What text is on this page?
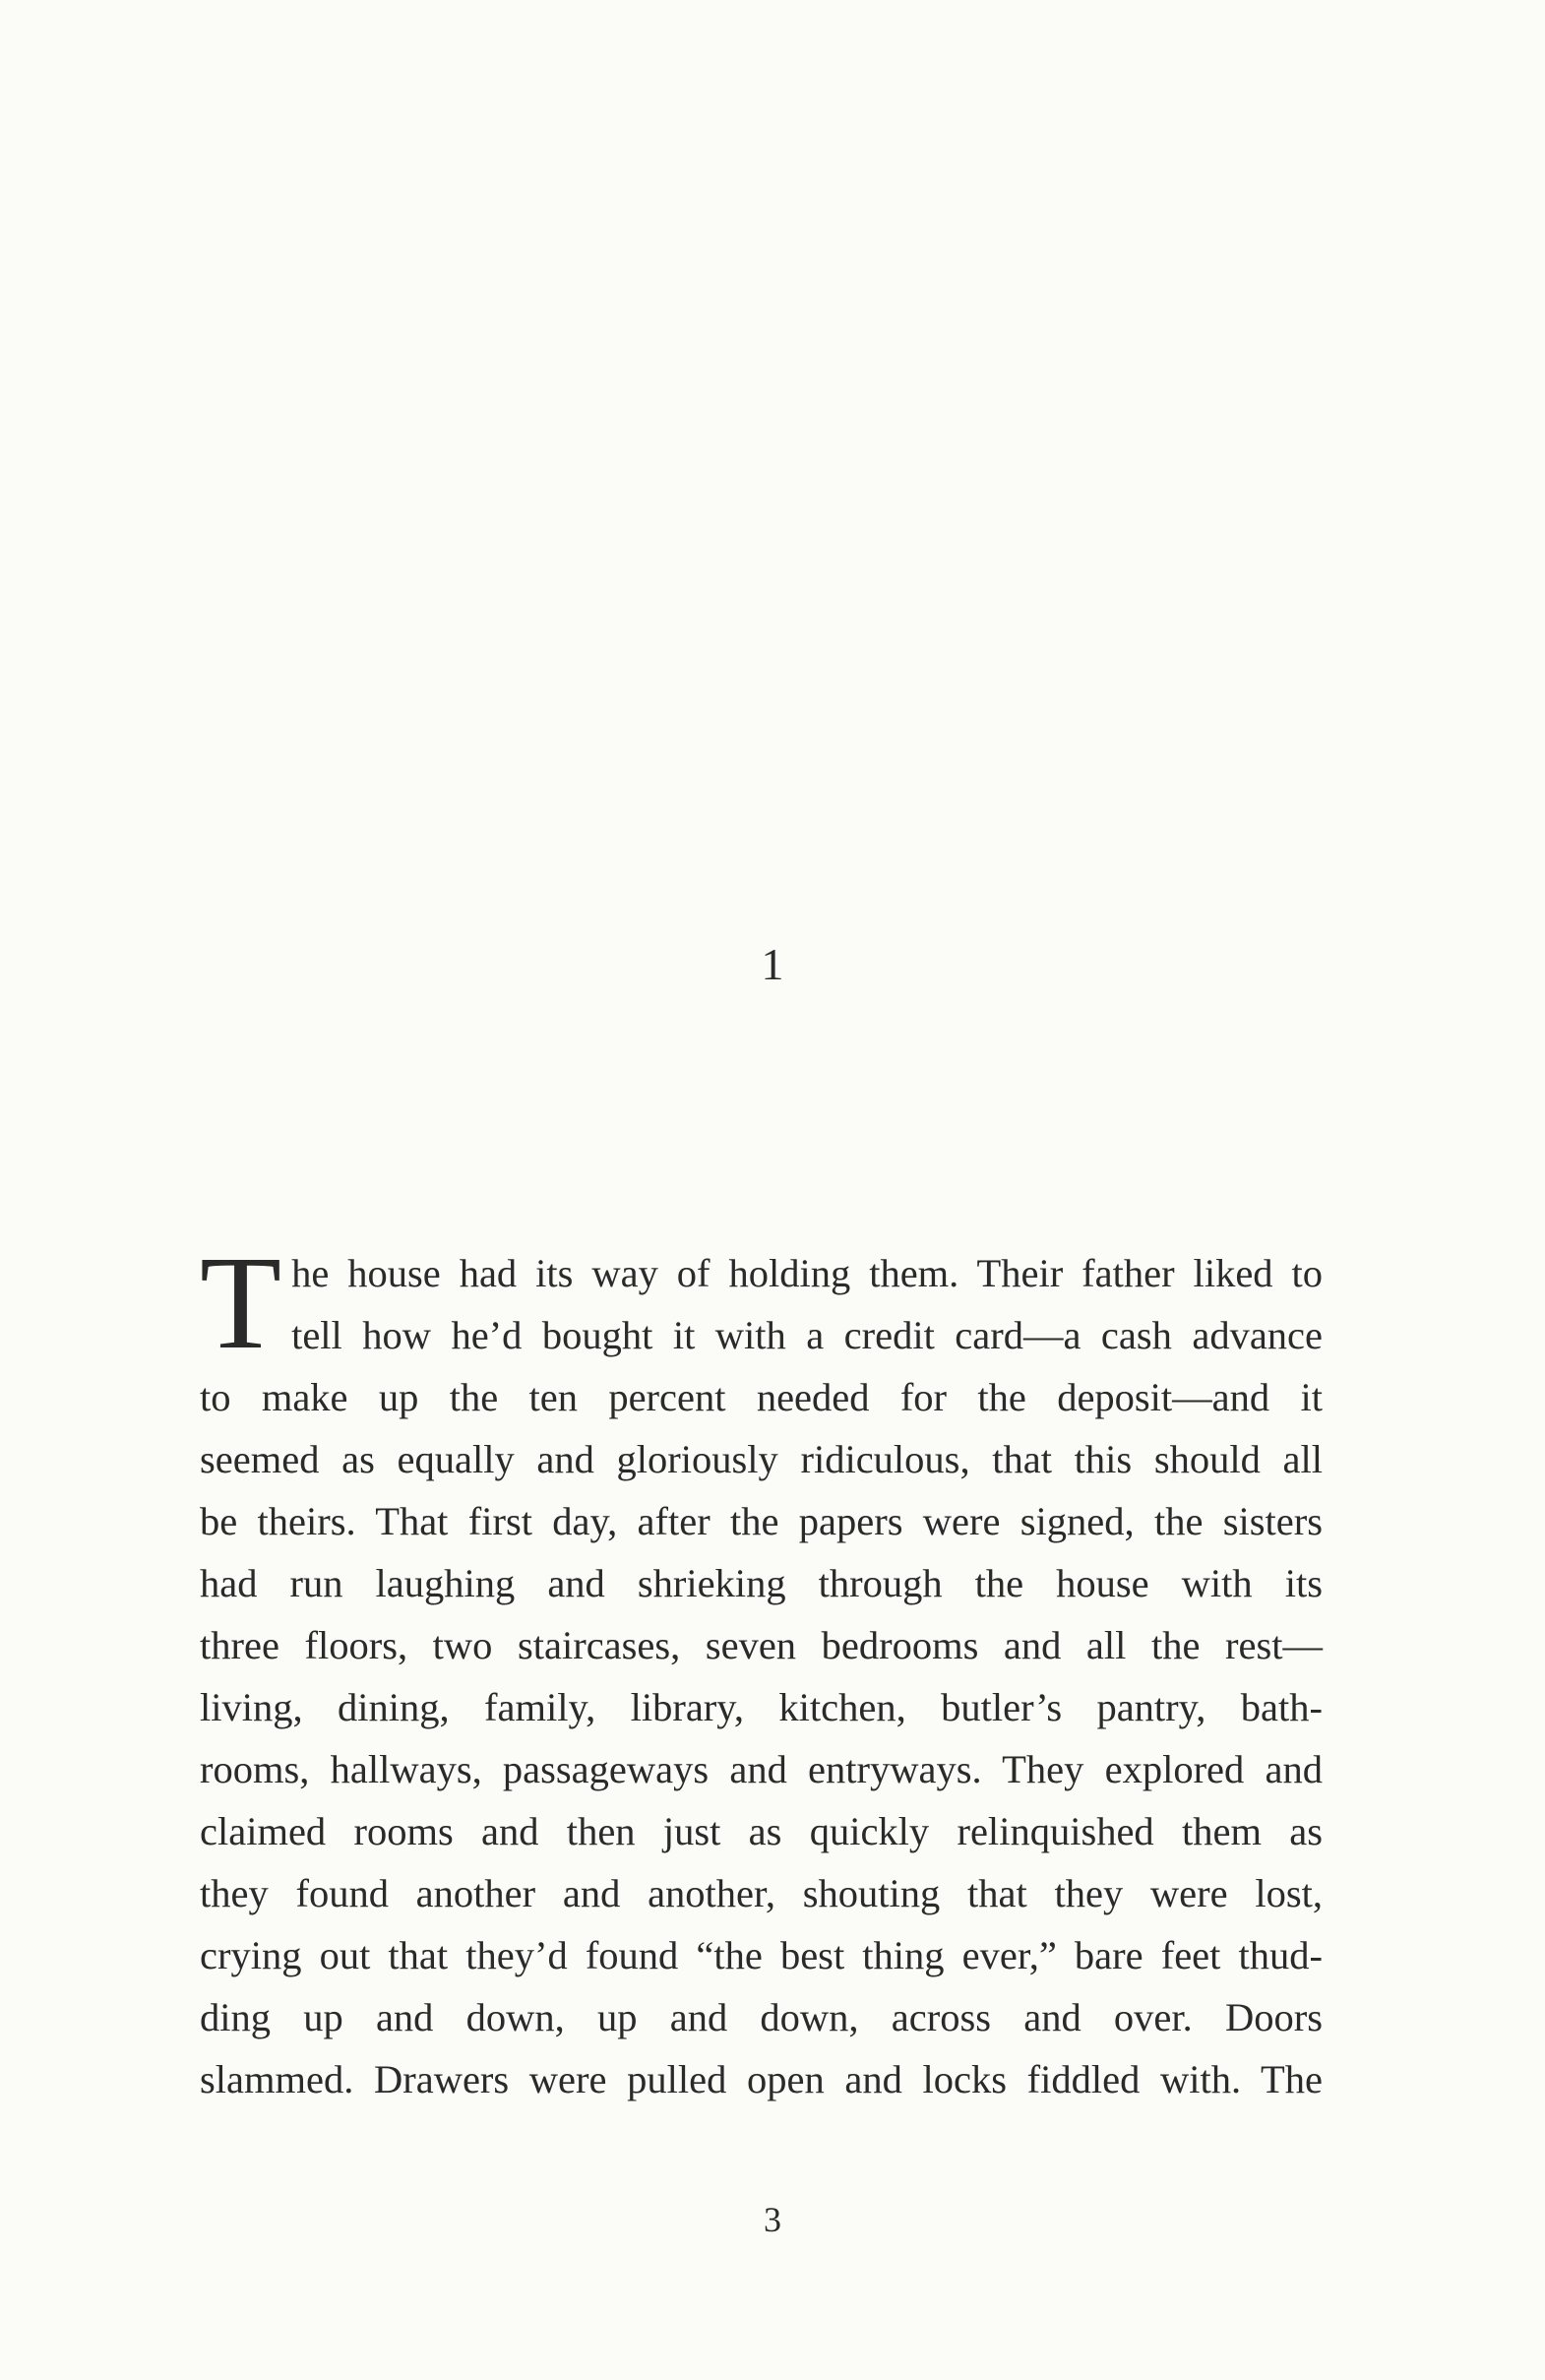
1
T he house had its way of holding them. Their father liked to
tell how he’d bought it with a credit card—a cash advance
to make up the ten percent needed for the deposit—and it
seemed as equally and gloriously ridiculous, that this should all
be theirs. That first day, after the papers were signed, the sisters
had run laughing and shrieking through the house with its
three floors, two staircases, seven bedrooms and all the rest—
living, dining, family, library, kitchen, butler’s pantry, bath-
rooms, hallways, passageways and entryways. They explored and
claimed rooms and then just as quickly relinquished them as
they found another and another, shouting that they were lost,
crying out that they’d found “the best thing ever,” bare feet thud-
ding up and down, up and down, across and over. Doors
slammed. Drawers were pulled open and locks fiddled with. The
3
